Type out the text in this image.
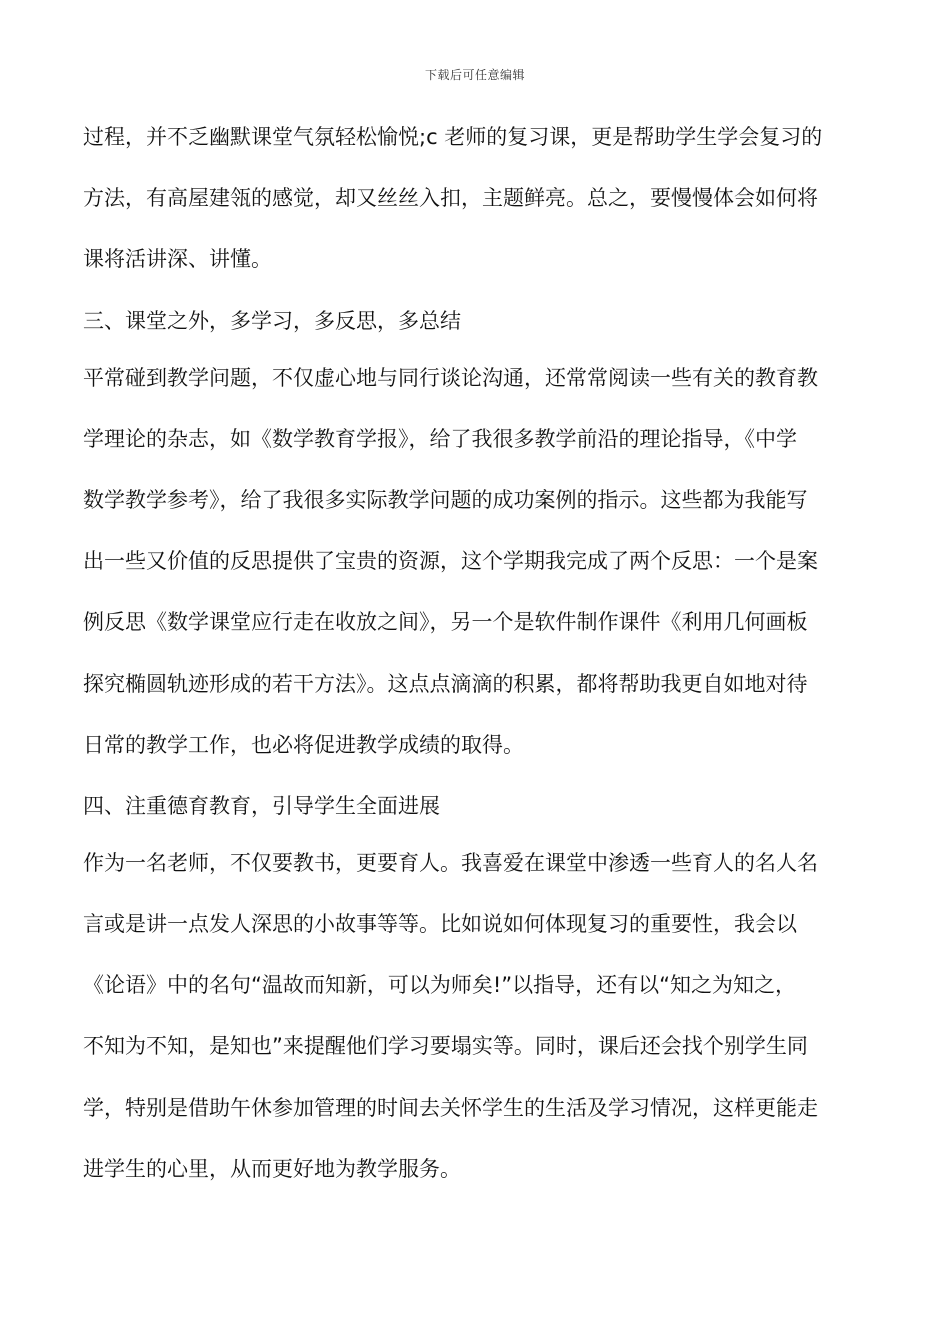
下载后可任意编辑
过程，并不乏幽默课堂气氛轻松愉悦;c 老师的复习课，更是帮助学生学会复习的
方法，有高屋建瓴的感觉，却又丝丝入扣，主题鲜亮。总之，要慢慢体会如何将
课将活讲深、讲懂。
三、课堂之外，多学习，多反思，多总结
平常碰到教学问题，不仅虚心地与同行谈论沟通，还常常阅读一些有关的教育教
学理论的杂志，如《数学教育学报》，给了我很多教学前沿的理论指导，《中学
数学教学参考》，给了我很多实际教学问题的成功案例的指示。这些都为我能写
出一些又价值的反思提供了宝贵的资源，这个学期我完成了两个反思：一个是案
例反思《数学课堂应行走在收放之间》，另一个是软件制作课件《利用几何画板
探究椭圆轨迹形成的若干方法》。这点点滴滴的积累，都将帮助我更自如地对待
日常的教学工作，也必将促进教学成绩的取得。
四、注重德育教育，引导学生全面进展
作为一名老师，不仅要教书，更要育人。我喜爱在课堂中渗透一些育人的名人名
言或是讲一点发人深思的小故事等等。比如说如何体现复习的重要性，我会以
《论语》中的名句“温故而知新，可以为师矣!”以指导，还有以“知之为知之，
不知为不知，是知也”来提醒他们学习要塌实等。同时，课后还会找个别学生同
学，特别是借助午休参加管理的时间去关怀学生的生活及学习情况，这样更能走
进学生的心里，从而更好地为教学服务。
